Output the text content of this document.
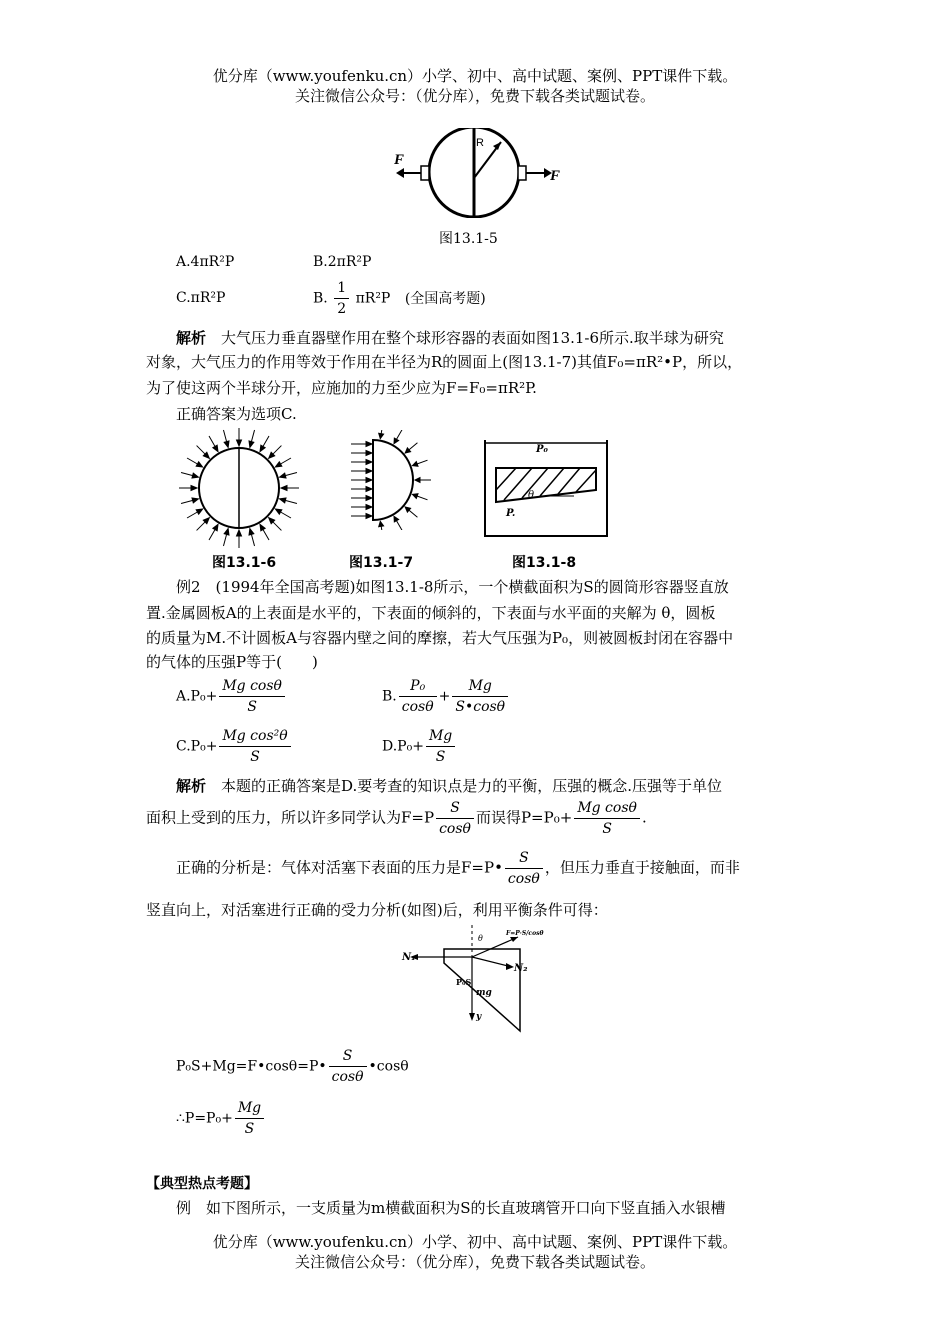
优分库（www.youfenku.cn）小学、初中、高中试题、案例、PPT课件下载。
关注微信公众号：（优分库），免费下载各类试题试卷。
R
F
F
图13.1-5
A.4πR²P	B.2πR²P
C.πR²P	B. $\frac{1}{2} \pi R^2P$ (全国高考题)
解析　 大气压力垂直器壁作用在整个球形容器的表面如图13.1-6所示.取半球为研究
对象，大气压力的作用等效于作用在半径为R的圆面上(图13.1-7)其值F₀=πR²•P，所以，
为了使这两个半球分开，应施加的力至少应为F=F₀=πR²P.
正确答案为选项C.
P₀
θ
P.
图13.1-6	图13.1-7	图13.1-8
例2　(1994年全国高考题)如图13.1-8所示，一个横截面积为S的圆筒形容器竖直放
置.金属圆板A的上表面是水平的，下表面的倾斜的，下表面与水平面的夹解为 θ，圆板
的质量为M.不计圆板A与容器内壁之间的摩擦，若大气压强为P₀，则被圆板封闭在容器中
的气体的压强P等于(　　)
$A.P_0+ \frac{\text{Mg cosθ}}{S}$	B. $\frac{\text{P₀}}{\cos\theta} + \frac{Mg}{S•\cos\theta}$
$C.P_0+ \frac{\text{Mg cos²θ}}{S}$	$D.P_0+ \frac{Mg}{S}$
解析　 本题的正确答案是D.要考查的知识点是力的平衡，压强的概念.压强等于单位
面积上受到的压力，所以许多同学认为$F=P \frac{S}{\cos\theta}$ 而误得$P=P_0+ \frac{\text{Mg cosθ}}{S}$ .
正确的分析是：气体对活塞下表面的压力是F=P• $\frac{S}{\cos\theta}$ ，但压力垂直于接触面，而非
竖直向上，对活塞进行正确的受力分析(如图)后，利用平衡条件可得：
N₁
N₂
P₀S
mg
y
θ
F=P·S/cosθ
P₀S+Mg=F•cosθ=P• $\frac{S}{\cos\theta}$ •cosθ
∴P=P₀+ $\frac{Mg}{S}$
【典型热点考题】
例　如下图所示，一支质量为m横截面积为S的长直玻璃管开口向下竖直插入水银槽
优分库（www.youfenku.cn）小学、初中、高中试题、案例、PPT课件下载。
关注微信公众号：（优分库），免费下载各类试题试卷。
